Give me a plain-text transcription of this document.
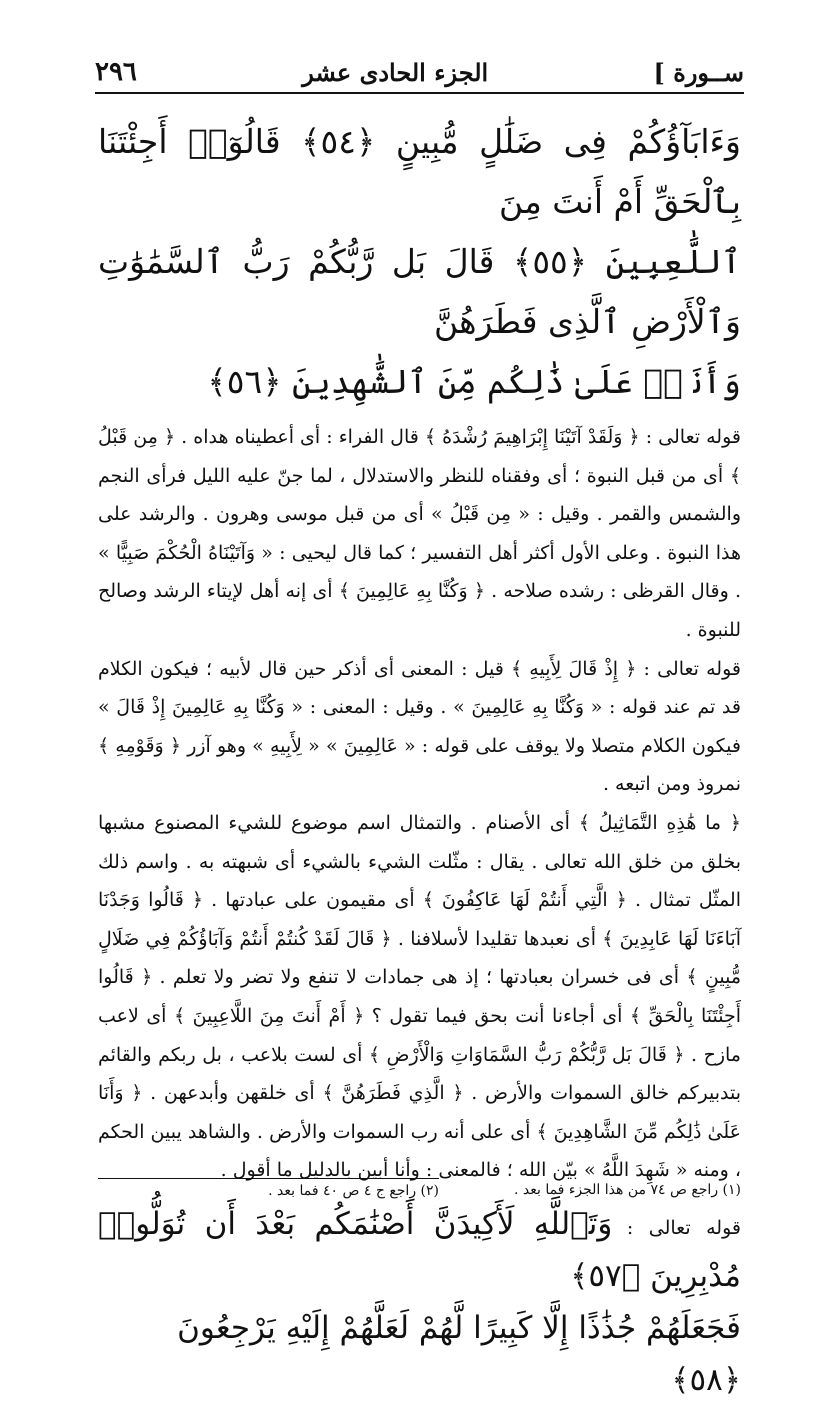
٢٩٦	الجزء الحادى عشر	[ ســورة

وَءَابَآؤُكُمْ فِى ضَلَٰلٍ مُّبِينٍ ﴿٥٤﴾ قَالُوٓا۟ أَجِئْتَنَا بِٱلْحَقِّ أَمْ أَنتَ مِنَ

ٱللَّٰعِبِينَ ﴿٥٥﴾ قَالَ بَل رَّبُّكُمْ رَبُّ ٱلسَّمَٰوَٰتِ وَٱلْأَرْضِ ٱلَّذِى فَطَرَهُنَّ

وَأَنَا۠ عَلَىٰ ذَٰلِكُم مِّنَ ٱلشَّٰهِدِينَ ﴿٥٦﴾

قوله تعالى : ﴿ وَلَقَدْ آتَيْنَا إِبْرَاهِيمَ رُشْدَهُ ﴾ قال الفراء : أى أعطيناه هداه . ﴿ مِن قَبْلُ ﴾ أى من قبل النبوة ؛ أى وفقناه للنظر والاستدلال ، لما جنّ عليه الليل فرأى النجم والشمس والقمر . وقيل : « مِن قَبْلُ » أى من قبل موسى وهرون . والرشد على هذا النبوة . وعلى الأول أكثر أهل التفسير ؛ كما قال ليحيى : « وَآتَيْنَاهُ الْحُكْمَ صَبِيًّا » . وقال القرظى : رشده صلاحه . ﴿ وَكُنَّا بِهِ عَالِمِينَ ﴾ أى إنه أهل لإيتاء الرشد وصالح للنبوة .

قوله تعالى : ﴿ إِذْ قَالَ لِأَبِيهِ ﴾ قيل : المعنى أى أذكر حين قال لأبيه ؛ فيكون الكلام قد تم عند قوله : « وَكُنَّا بِهِ عَالِمِينَ » . وقيل : المعنى : « وَكُنَّا بِهِ عَالِمِينَ إِذْ قَالَ » فيكون الكلام متصلا ولا يوقف على قوله : « عَالِمِينَ » « لِأَبِيهِ » وهو آزر ﴿ وَقَوْمِهِ ﴾ نمروذ ومن اتبعه .

﴿ ما هَٰذِهِ التَّمَاثِيلُ ﴾ أى الأصنام . والتمثال اسم موضوع للشيء المصنوع مشبها بخلق من خلق الله تعالى . يقال : مثّلت الشيء بالشيء أى شبهته به . واسم ذلك المثّل تمثال . ﴿ الَّتِي أَنتُمْ لَهَا عَاكِفُونَ ﴾ أى مقيمون على عبادتها . ﴿ قَالُوا وَجَدْنَا آبَاءَنَا لَهَا عَابِدِينَ ﴾ أى نعبدها تقليدا لأسلافنا . ﴿ قَالَ لَقَدْ كُنتُمْ أَنتُمْ وَآبَاؤُكُمْ فِي ضَلَالٍ مُّبِينٍ ﴾ أى فى خسران بعبادتها ؛ إذ هى جمادات لا تنفع ولا تضر ولا تعلم . ﴿ قَالُوا أَجِئْتَنَا بِالْحَقِّ ﴾ أى أجاءنا أنت بحق فيما تقول ؟ ﴿ أَمْ أَنتَ مِنَ اللَّاعِبِينَ ﴾ أى لاعب مازح . ﴿ قَالَ بَل رَّبُّكُمْ رَبُّ السَّمَاوَاتِ وَالْأَرْضِ ﴾ أى لست بلاعب ، بل ربكم والقائم بتدبيركم خالق السموات والأرض . ﴿ الَّذِي فَطَرَهُنَّ ﴾ أى خلقهن وأبدعهن . ﴿ وَأَنَا عَلَىٰ ذَٰلِكُم مِّنَ الشَّاهِدِينَ ﴾ أى على أنه رب السموات والأرض . والشاهد يبين الحكم ، ومنه « شَهِدَ اللَّهُ » بيّن الله ؛ فالمعنى : وأنا أبين بالدليل ما أقول .

قوله تعالى : وَتَٱللَّهِ لَأَكِيدَنَّ أَصْنَٰمَكُم بَعْدَ أَن تُوَلُّوا۟ مُدْبِرِينَ ﴿٥٧﴾
فَجَعَلَهُمْ جُذَٰذًا إِلَّا كَبِيرًا لَّهُمْ لَعَلَّهُمْ إِلَيْهِ يَرْجِعُونَ ﴿٥٨﴾

(٢) راجع ج ٤ ص ٤٠ فما بعد .	(١) راجع ص ٧٤ من هذا الجزء فما بعد .
